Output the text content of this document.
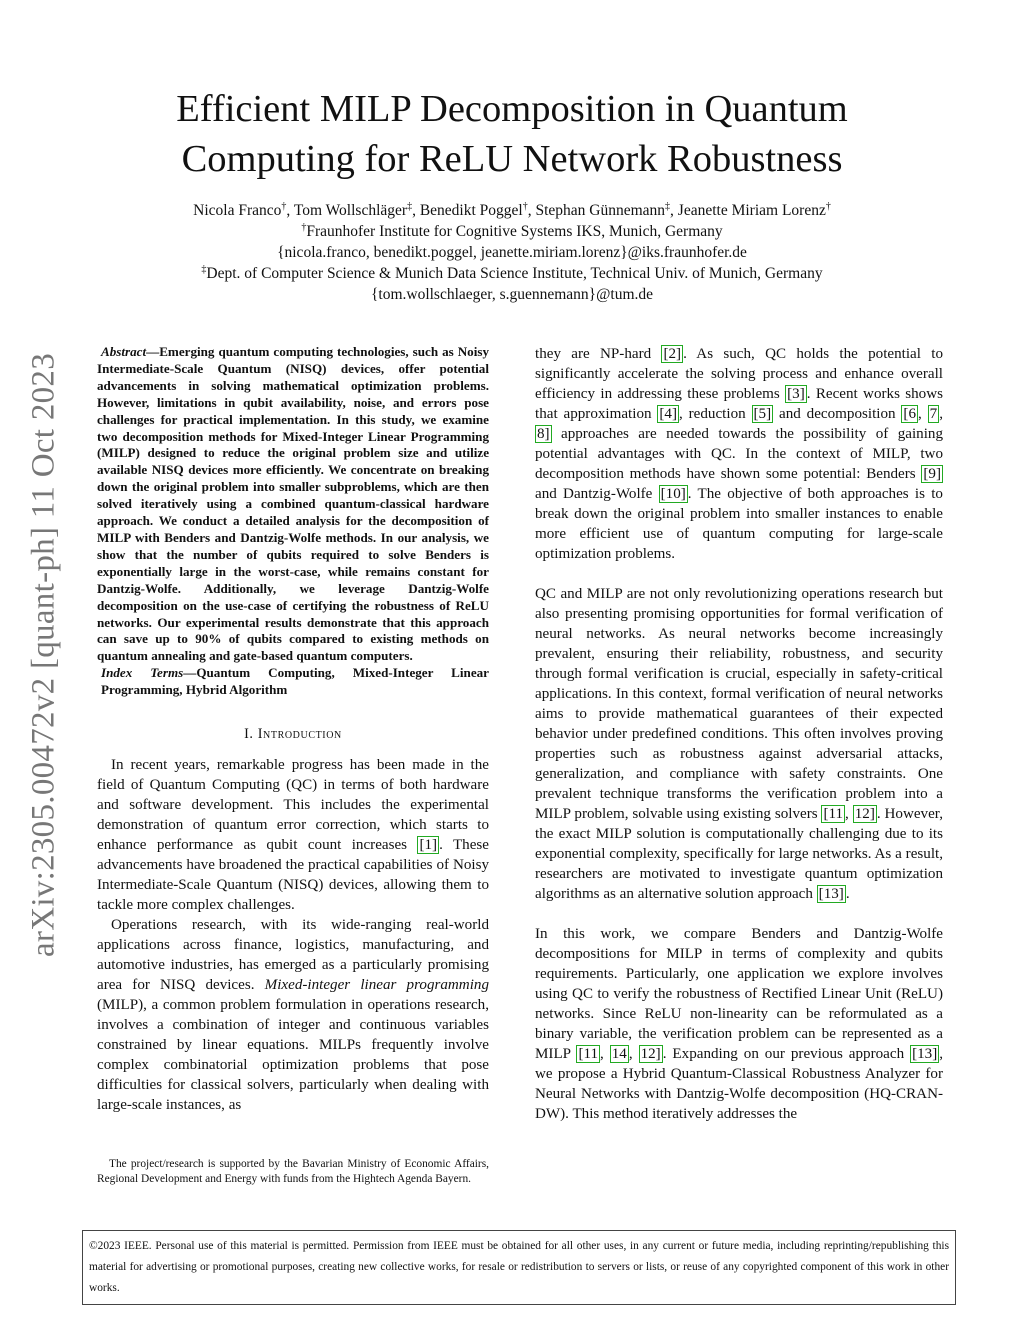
Efficient MILP Decomposition in Quantum
Computing for ReLU Network Robustness
Nicola Franco†, Tom Wollschläger‡, Benedikt Poggel†, Stephan Günnemann‡, Jeanette Miriam Lorenz†
†Fraunhofer Institute for Cognitive Systems IKS, Munich, Germany
{nicola.franco, benedikt.poggel, jeanette.miriam.lorenz}@iks.fraunhofer.de
‡Dept. of Computer Science & Munich Data Science Institute, Technical Univ. of Munich, Germany
{tom.wollschlaeger, s.guennemann}@tum.de
arXiv:2305.00472v2 [quant-ph] 11 Oct 2023

Abstract—Emerging quantum computing technologies, such as Noisy Intermediate-Scale Quantum (NISQ) devices, offer potential advancements in solving mathematical optimization problems. However, limitations in qubit availability, noise, and errors pose challenges for practical implementation. In this study, we examine two decomposition methods for Mixed-Integer Linear Programming (MILP) designed to reduce the original problem size and utilize available NISQ devices more efficiently. We concentrate on breaking down the original problem into smaller subproblems, which are then solved iteratively using a combined quantum-classical hardware approach. We conduct a detailed analysis for the decomposition of MILP with Benders and Dantzig-Wolfe methods. In our analysis, we show that the number of qubits required to solve Benders is exponentially large in the worst-case, while remains constant for Dantzig-Wolfe. Additionally, we leverage Dantzig-Wolfe decomposition on the use-case of certifying the robustness of ReLU networks. Our experimental results demonstrate that this approach can save up to 90% of qubits compared to existing methods on quantum annealing and gate-based quantum computers.

Index Terms—Quantum Computing, Mixed-Integer Linear Programming, Hybrid Algorithm

I. Introduction

In recent years, remarkable progress has been made in the field of Quantum Computing (QC) in terms of both hardware and software development. This includes the experimental demonstration of quantum error correction, which starts to enhance performance as qubit count increases [1] . These advancements have broadened the practical capabilities of Noisy Intermediate-Scale Quantum (NISQ) devices, allowing them to tackle more complex challenges.

Operations research, with its wide-ranging real-world applications across finance, logistics, manufacturing, and automotive industries, has emerged as a particularly promising area for NISQ devices. Mixed-integer linear programming (MILP), a common problem formulation in operations research, involves a combination of integer and continuous variables constrained by linear equations. MILPs frequently involve complex combinatorial optimization problems that pose difficulties for classical solvers, particularly when dealing with large-scale instances, as

The project/research is supported by the Bavarian Ministry of Economic Affairs, Regional Development and Energy with funds from the Hightech Agenda Bayern.

they are NP-hard [2] . As such, QC holds the potential to significantly accelerate the solving process and enhance overall efficiency in addressing these problems [3] . Recent works shows that approximation [4] , reduction [5] and decomposition [6 , 7 , 8] approaches are needed towards the possibility of gaining potential advantages with QC. In the context of MILP, two decomposition methods have shown some potential: Benders [9] and Dantzig-Wolfe [10] . The objective of both approaches is to break down the original problem into smaller instances to enable more efficient use of quantum computing for large-scale optimization problems.

QC and MILP are not only revolutionizing operations research but also presenting promising opportunities for formal verification of neural networks. As neural networks become increasingly prevalent, ensuring their reliability, robustness, and security through formal verification is crucial, especially in safety-critical applications. In this context, formal verification of neural networks aims to provide mathematical guarantees of their expected behavior under predefined conditions. This often involves proving properties such as robustness against adversarial attacks, generalization, and compliance with safety constraints. One prevalent technique transforms the verification problem into a MILP problem, solvable using existing solvers [11 , 12] . However, the exact MILP solution is computationally challenging due to its exponential complexity, specifically for large networks. As a result, researchers are motivated to investigate quantum optimization algorithms as an alternative solution approach [13] .

In this work, we compare Benders and Dantzig-Wolfe decompositions for MILP in terms of complexity and qubits requirements. Particularly, one application we explore involves using QC to verify the robustness of Rectified Linear Unit (ReLU) networks. Since ReLU non-linearity can be reformulated as a binary variable, the verification problem can be represented as a MILP [11 , 14 , 12] . Expanding on our previous approach [13] , we propose a Hybrid Quantum-Classical Robustness Analyzer for Neural Networks with Dantzig-Wolfe decomposition (HQ-CRAN-DW). This method iteratively addresses the

©2023 IEEE. Personal use of this material is permitted. Permission from IEEE must be obtained for all other uses, in any current or future media, including reprinting/republishing this material for advertising or promotional purposes, creating new collective works, for resale or redistribution to servers or lists, or reuse of any copyrighted component of this work in other works.
